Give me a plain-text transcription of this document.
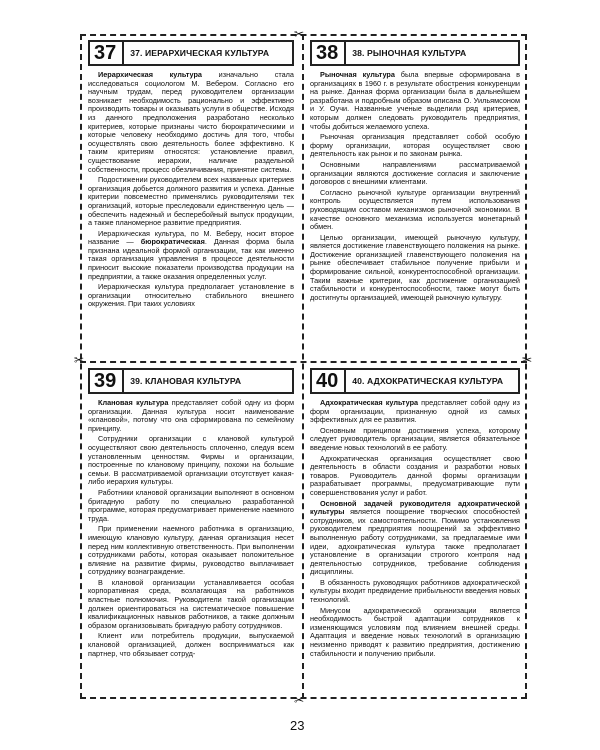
✂
✂
✂	✂
37	37. ИЕРАРХИЧЕСКАЯ КУЛЬТУРА

Иерархическая культура изначально стала исследоваться социологом М. Вебером. Согласно его научным трудам, перед руководителем организации возникает необходимость рационально и эффективно производить товары и оказывать услуги в обществе. Исходя из данного предположения разработано несколько критериев, которые признаны чисто бюрократическими и которые человеку необходимо достичь для того, чтобы осуществлять свою деятельность более эффективно. К таким критериям относятся: установление правил, существование иерархии, наличие раздельной собственности, процесс обезличивания, принятие системы.

Подостижении руководителем всех названных критериев организация добьется должного развития и успеха. Данные критерии повсеместно применялись руководителями тех организаций, которые преследовали единственную цель — обеспечить надежный и бесперебойный выпуск продукции, а также планомерное развитие предприятия.

Иерархическая культура, по М. Веберу, носит второе название — бюрократическая. Данная форма была признана идеальной формой организации, так как именно такая организация управления в процессе деятельности приносит высокие показатели производства продукции на предприятии, а также оказания определенных услуг.

Иерархическая культура предполагает установление в организации относительно стабильного внешнего окружения. При таких условиях

38	38. РЫНОЧНАЯ КУЛЬТУРА

Рыночная культура была впервые сформирована в организациях в 1960 г. в результате обострения конкуренции на рынке. Данная форма организации была в дальнейшем разработана и подробным образом описана О. Уильямсоном и У. Оучи. Названные ученые выделили ряд критериев, которым должен следовать руководитель предприятия, чтобы добиться желаемого успеха.

Рыночная организация представляет собой особую форму организации, которая осуществляет свою деятельность как рынок и по законам рынка.

Основными направлениями рассматриваемой организации являются достижение согласия и заключение договоров с внешними клиентами.

Согласно рыночной культуре организации внутренний контроль осуществляется путем использования руководящим составом механизмов рыночной экономики. В качестве основного механизма используется монетарный обмен.

Целью организации, имеющей рыночную культуру, является достижение главенствующего положения на рынке. Достижение организацией главенствующего положения на рынке обеспечивает стабильное получение прибыли и формирование сильной, конкурентоспособной организации. Таким важные критерии, как достижение организацией стабильности и конкурентоспособности, также могут быть достигнуты организацией, имеющей рыночную культуру.

39	39. КЛАНОВАЯ КУЛЬТУРА

Клановая культура представляет собой одну из форм организации. Данная культура носит наименование «клановой», потому что она сформирована по семейному принципу.

Сотрудники организации с клановой культурой осуществляют свою деятельность сплоченно, следуя всем установленным ценностям. Фирмы и организации, построенные по клановому принципу, похожи на большие семьи. В рассматриваемой организации отсутствует какая-либо иерархия культуры.

Работники клановой организации выполняют в основном бригадную работу по специально разработанной программе, которая предусматривает применение наемного труда.

При применении наемного работника в организацию, имеющую клановую культуру, данная организация несет перед ним коллективную ответственность. При выполнении сотрудниками работы, которая оказывает положительное влияние на развитие фирмы, руководство выплачивает сотруднику вознаграждение.

В клановой организации устанавливается особая корпоративная среда, возлагающая на работников властные полномочия. Руководители такой организации должен ориентироваться на систематическое повышение квалификационных навыков работников, а также должным образом организовывать бригадную работу сотрудников.

Клиент или потребитель продукции, выпускаемой клановой организацией, должен восприниматься как партнер, что обязывает сотруд-

40	40. АДХОКРАТИЧЕСКАЯ КУЛЬТУРА

Адхократическая культура представляет собой одну из форм организации, признанную одной из самых эффективных для ее развития.

Основным принципом достижения успеха, которому следует руководитель организации, является обязательное введение новых технологий в ее работу.

Адхократическая организация осуществляет свою деятельность в области создания и разработки новых товаров. Руководитель данной формы организации разрабатывает программы, предусматривающие пути совершенствования услуг и работ.

Основной задачей руководителя адхократической культуры является поощрение творческих способностей сотрудников, их самостоятельности. Помимо установления руководителем предприятия поощрений за эффективно выполненную работу сотрудниками, за предлагаемые ими идеи, адхократическая культура также предполагает установление в организации строгого контроля над деятельностью сотрудников, требование соблюдения дисциплины.

В обязанность руководящих работников адхократической культуры входит предвидение прибыльности введения новых технологий.

Минусом адхократической организации является необходимость быстрой адаптации сотрудников к изменяющимся условиям под влиянием внешней среды. Адаптация и введение новых технологий в организацию неизменно приводят к развитию предприятия, достижению стабильности и получению прибыли.

23
